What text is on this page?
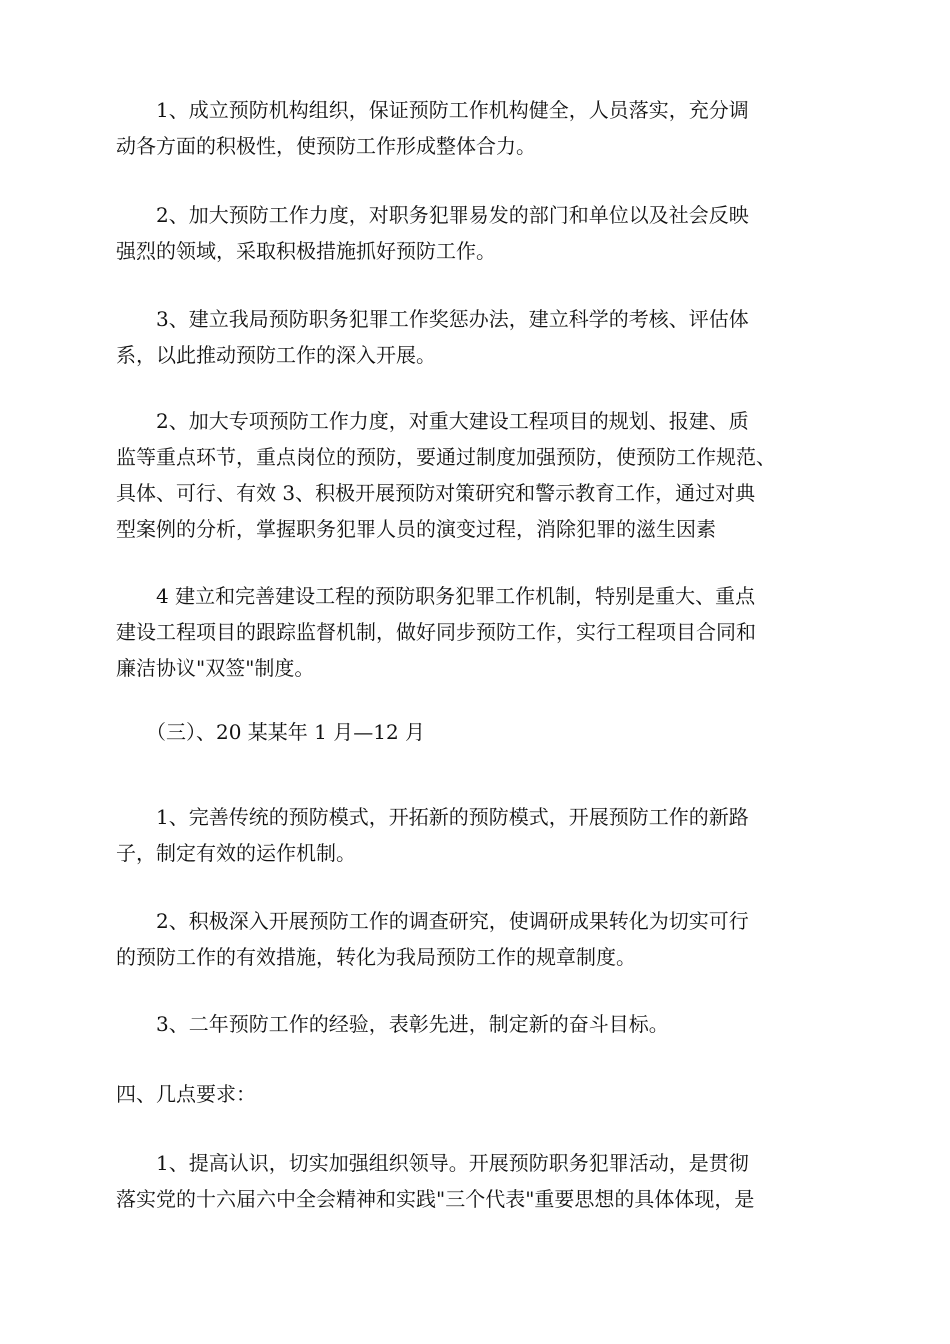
1、成立预防机构组织，保证预防工作机构健全，人员落实，充分调
动各方面的积极性，使预防工作形成整体合力。
2、加大预防工作力度，对职务犯罪易发的部门和单位以及社会反映
强烈的领域，采取积极措施抓好预防工作。
3、建立我局预防职务犯罪工作奖惩办法，建立科学的考核、评估体
系，以此推动预防工作的深入开展。
2、加大专项预防工作力度，对重大建设工程项目的规划、报建、质
监等重点环节，重点岗位的预防，要通过制度加强预防，使预防工作规范、
具体、可行、有效 3、积极开展预防对策研究和警示教育工作，通过对典
型案例的分析，掌握职务犯罪人员的演变过程，消除犯罪的滋生因素
4 建立和完善建设工程的预防职务犯罪工作机制，特别是重大、重点
建设工程项目的跟踪监督机制，做好同步预防工作，实行工程项目合同和
廉洁协议"双签"制度。
（三）、20 某某年 1 月—12 月
1、完善传统的预防模式，开拓新的预防模式，开展预防工作的新路
子，制定有效的运作机制。
2、积极深入开展预防工作的调查研究，使调研成果转化为切实可行
的预防工作的有效措施，转化为我局预防工作的规章制度。
3、二年预防工作的经验，表彰先进，制定新的奋斗目标。
四、几点要求：
1、提高认识，切实加强组织领导。开展预防职务犯罪活动，是贯彻
落实党的十六届六中全会精神和实践"三个代表"重要思想的具体体现，是
